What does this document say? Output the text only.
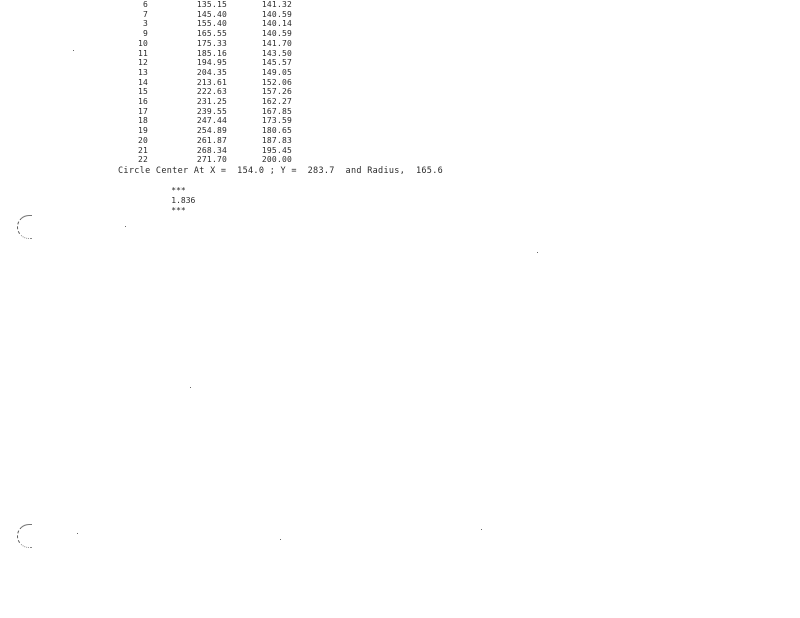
6	135.15	141.32
7	145.40	140.59
3	155.40	140.14
9	165.55	140.59
10	175.33	141.70
11	185.16	143.50
12	194.95	145.57
13	204.35	149.05
14	213.61	152.06
15	222.63	157.26
16	231.25	162.27
17	239.55	167.85
18	247.44	173.59
19	254.89	180.65
20	261.87	187.83
21	268.34	195.45
22	271.70	200.00
Circle Center At X =  154.0 ; Y =  283.7  and Radius,  165.6

***
1.836
***
